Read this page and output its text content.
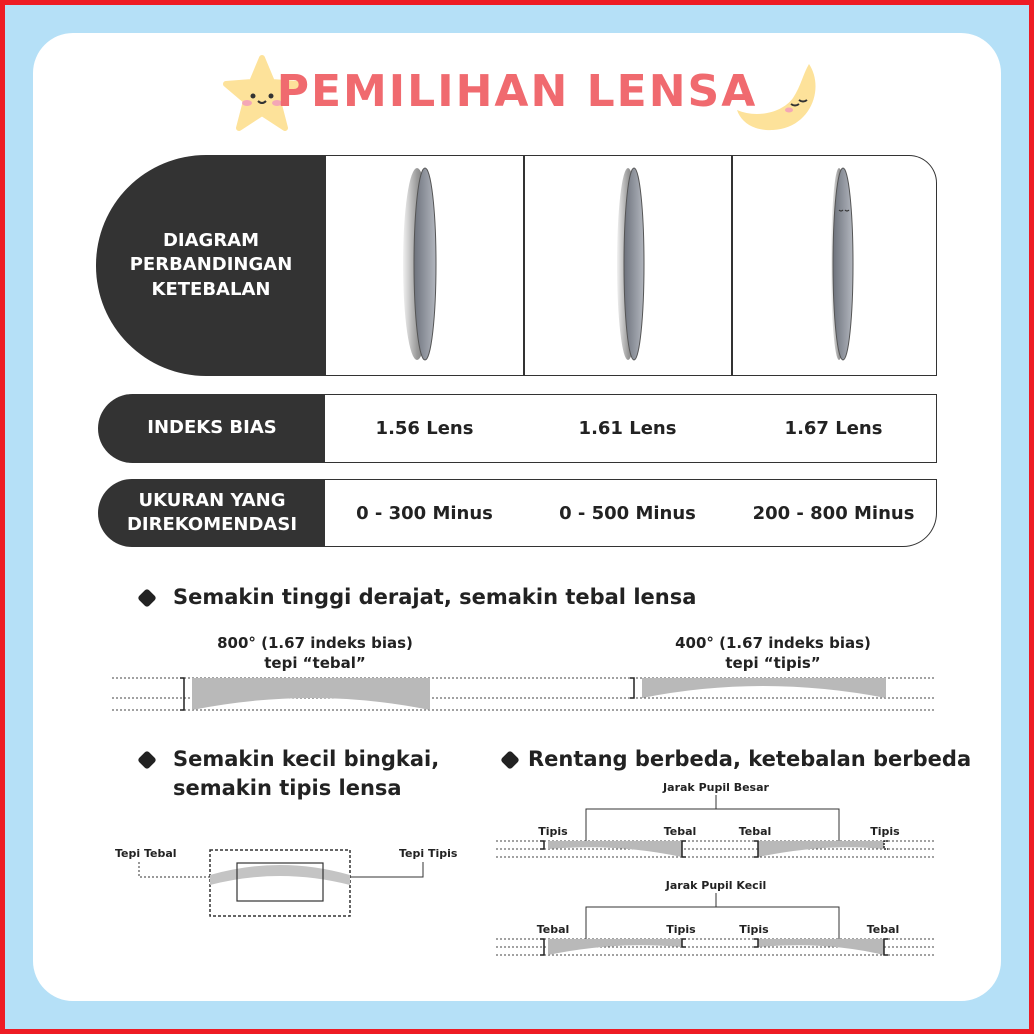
PEMILIHAN LENSA
DIAGRAM
PERBANDINGAN
KETEBALAN
INDEKS BIAS	1.56 Lens	1.61 Lens	1.67 Lens
UKURAN YANG
DIREKOMENDASI
0 - 300 Minus	0 - 500 Minus	200 - 800 Minus
Semakin tinggi derajat, semakin tebal lensa
800° (1.67 indeks bias)
tepi “tebal”
400° (1.67 indeks bias)
tepi “tipis”
Semakin kecil bingkai,
semakin tipis lensa
Tepi Tebal	Tepi Tipis
Rentang berbeda, ketebalan berbeda
Jarak Pupil Besar
Tipis	Tebal	Tebal	Tipis
Jarak Pupil Kecil
Tebal	Tipis	Tipis	Tebal
